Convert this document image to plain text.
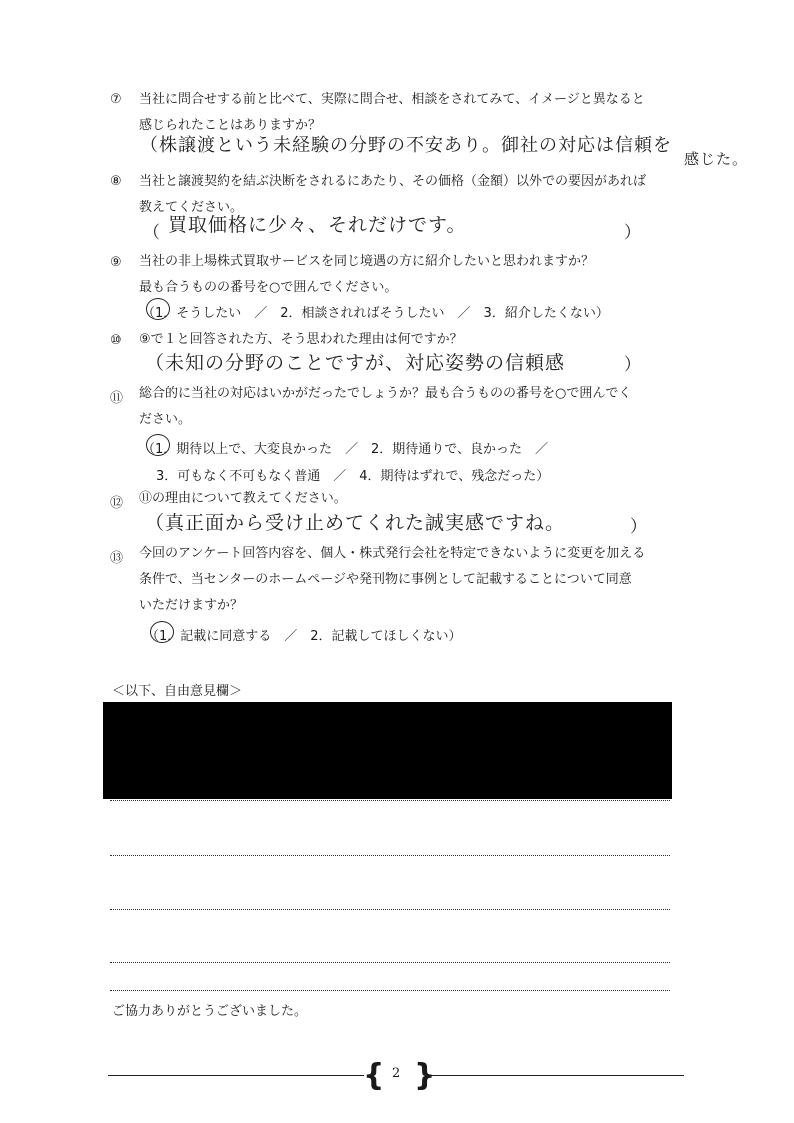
⑦ 当社に問合せする前と比べて、実際に問合せ、相談をされてみて、イメージと異なると
感じられたことはありますか？
（株譲渡という未経験の分野の不安あり。御社の対応は信頼を
感じた。
⑧ 当社と譲渡契約を結ぶ決断をされるにあたり、その価格（金額）以外での要因があれば
教えてください。
（ 買取価格に少々、それだけです。	）
⑨ 当社の非上場株式買取サービスを同じ境遇の方に紹介したいと思われますか？
最も合うものの番号を○で囲んでください。
（1．そうしたい　／　2．相談されればそうしたい　／　3．紹介したくない）
⑩ ⑨で１と回答された方、そう思われた理由は何ですか？
（未知の分野のことですが、対応姿勢の信頼感	）
⑪ 総合的に当社の対応はいかがだったでしょうか？最も合うものの番号を○で囲んでく
ださい。
（1．期待以上で、大変良かった　／　2．期待通りで、良かった　／
3．可もなく不可もなく普通　／　4．期待はずれで、残念だった）
⑫ ⑪の理由について教えてください。
（真正面から受け止めてくれた誠実感ですね。	）
⑬ 今回のアンケート回答内容を、個人・株式発行会社を特定できないように変更を加える
条件で、当センターのホームページや発刊物に事例として記載することについて同意
いただけますか？
（1．記載に同意する　／　2．記載してほしくない）
＜以下、自由意見欄＞
ご協力ありがとうございました。
{ 2 }
